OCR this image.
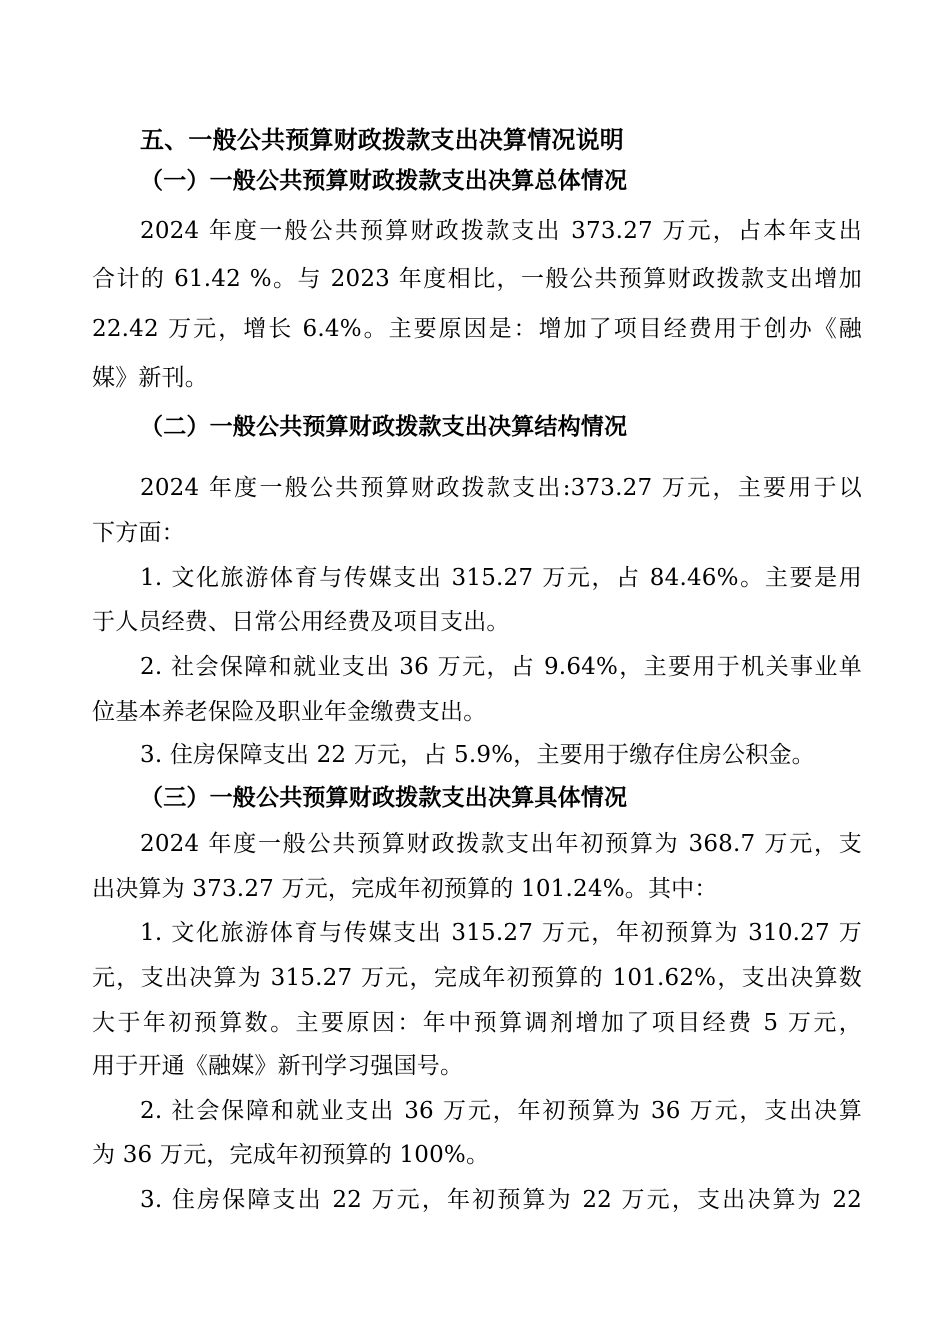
五、一般公共预算财政拨款支出决算情况说明
（一）一般公共预算财政拨款支出决算总体情况
2024 年度一般公共预算财政拨款支出 373.27 万元，占本年支出
合计的 61.42 %。与 2023 年度相比，一般公共预算财政拨款支出增加
22.42 万元，增长 6.4%。主要原因是：增加了项目经费用于创办《融
媒》新刊。
（二）一般公共预算财政拨款支出决算结构情况
2024 年度一般公共预算财政拨款支出:373.27 万元，主要用于以
下方面：
1. 文化旅游体育与传媒支出 315.27 万元，占 84.46%。主要是用
于人员经费、日常公用经费及项目支出。
2. 社会保障和就业支出 36 万元，占 9.64%，主要用于机关事业单
位基本养老保险及职业年金缴费支出。
3. 住房保障支出 22 万元，占 5.9%，主要用于缴存住房公积金。
（三）一般公共预算财政拨款支出决算具体情况
2024 年度一般公共预算财政拨款支出年初预算为 368.7 万元，支
出决算为 373.27 万元，完成年初预算的 101.24%。其中：
1. 文化旅游体育与传媒支出 315.27 万元，年初预算为 310.27 万
元，支出决算为 315.27 万元，完成年初预算的 101.62%，支出决算数
大于年初预算数。主要原因：年中预算调剂增加了项目经费 5 万元，
用于开通《融媒》新刊学习强国号。
2. 社会保障和就业支出 36 万元，年初预算为 36 万元，支出决算
为 36 万元，完成年初预算的 100%。
3. 住房保障支出 22 万元，年初预算为 22 万元，支出决算为 22
